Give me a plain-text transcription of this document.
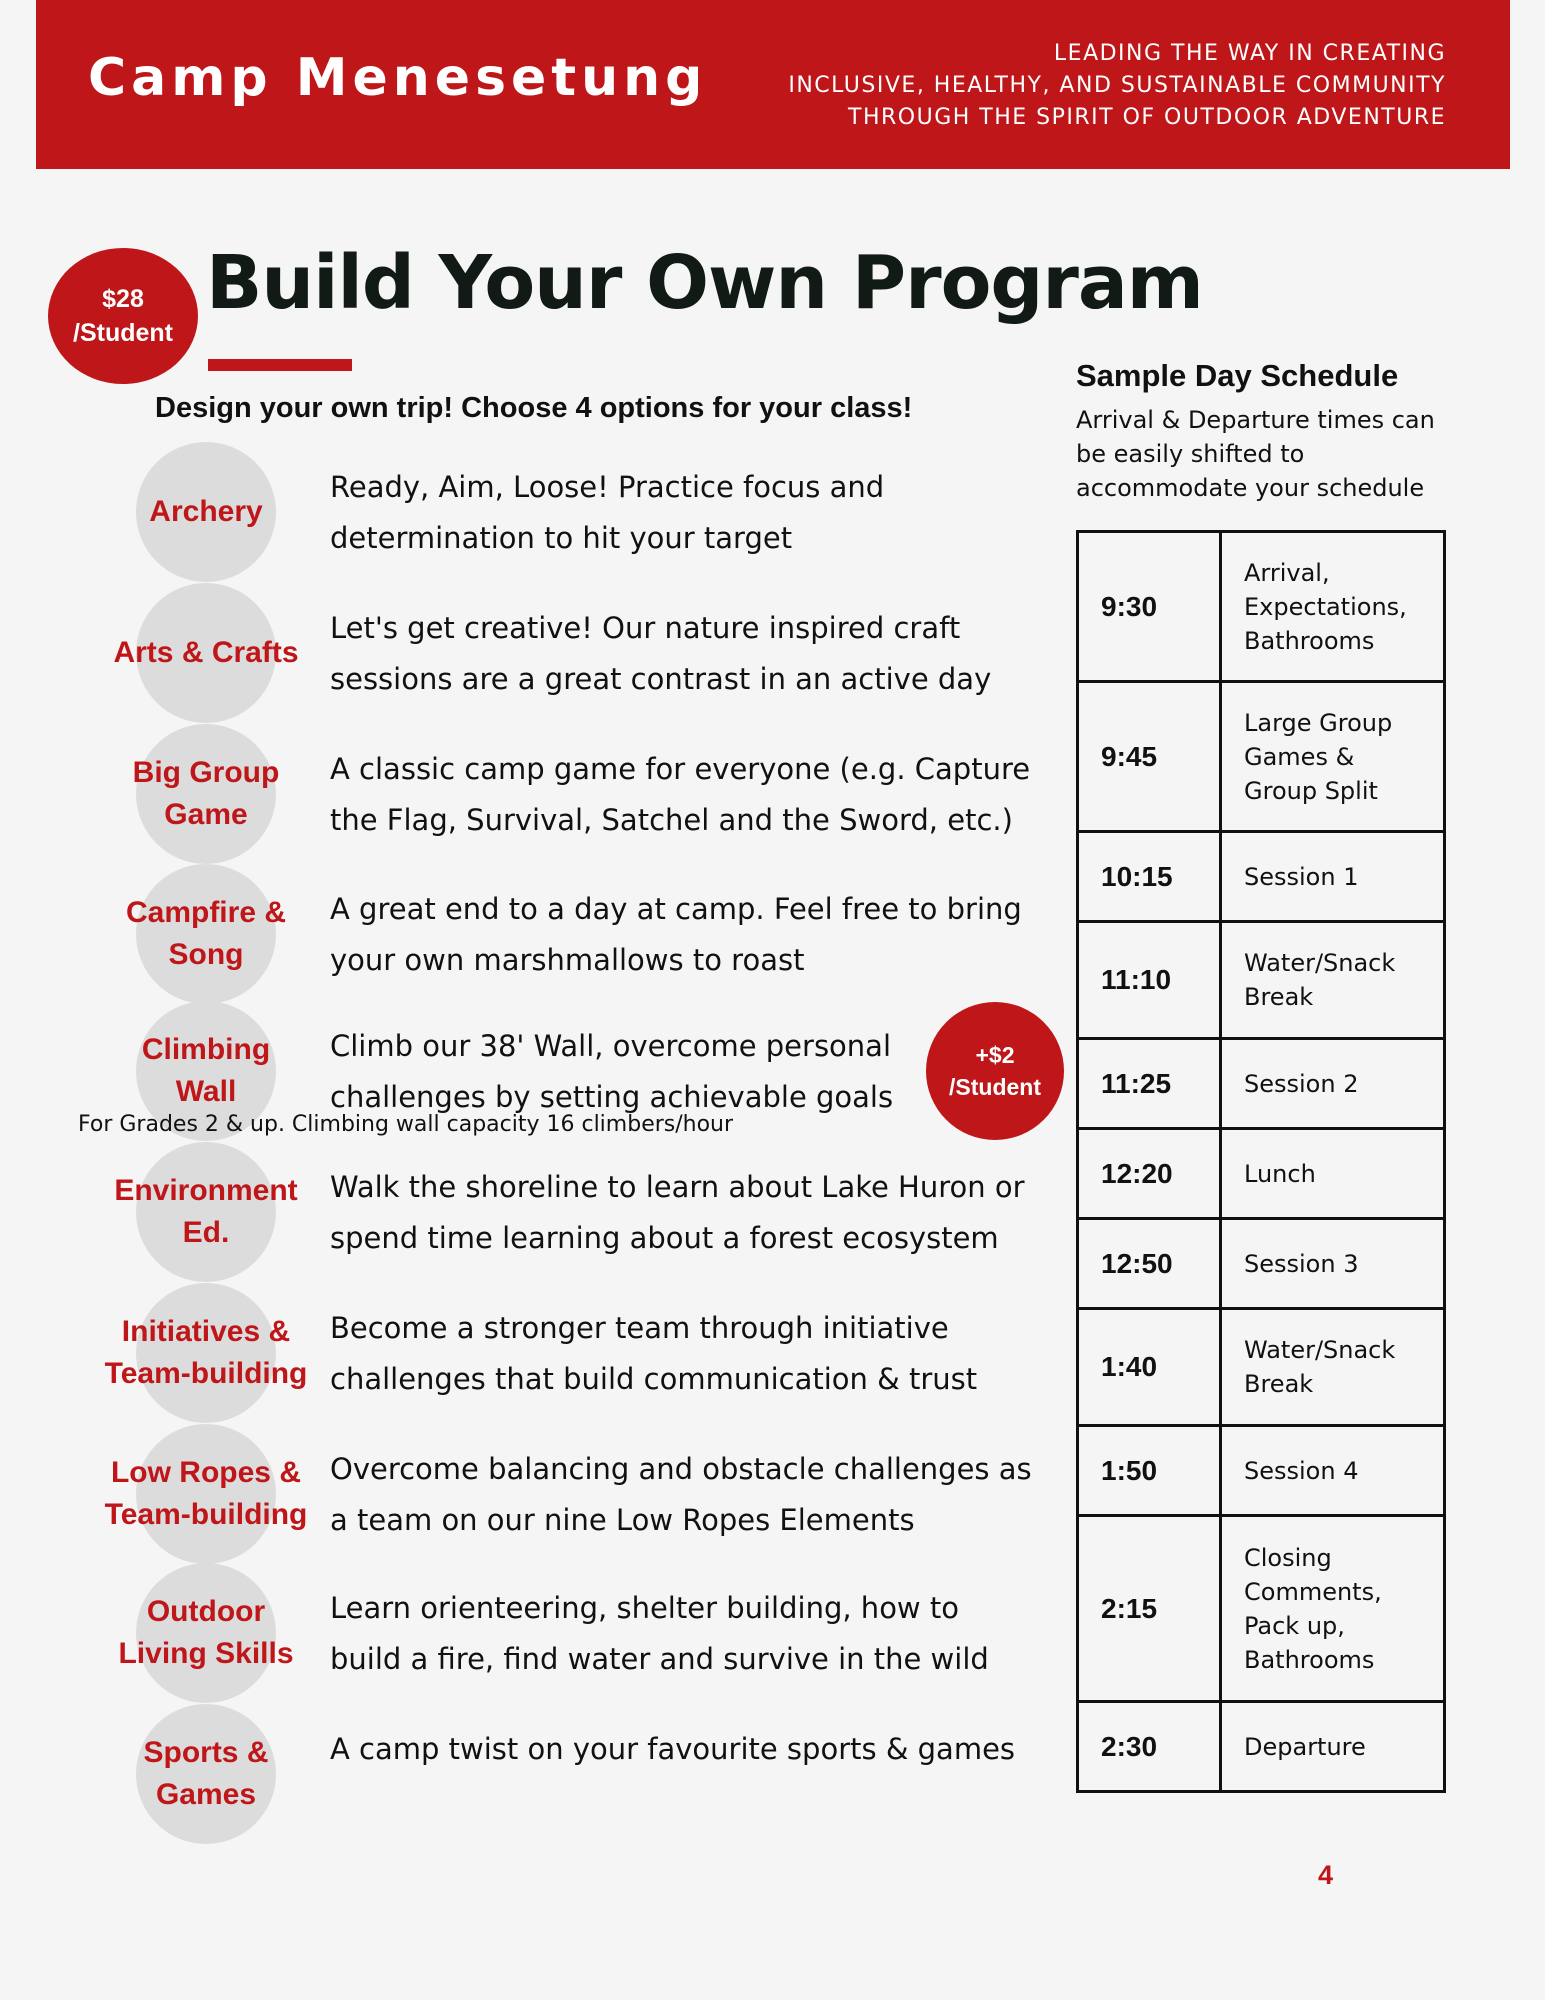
Camp Menesetung	LEADING THE WAY IN CREATING
INCLUSIVE, HEALTHY, AND SUSTAINABLE COMMUNITY
THROUGH THE SPIRIT OF OUTDOOR ADVENTURE
$28
/Student
Build Your Own Program
Design your own trip! Choose 4 options for your class!
Archery
Ready, Aim, Loose! Practice focus and
determination to hit your target
Arts & Crafts
Let's get creative! Our nature inspired craft
sessions are a great contrast in an active day
Big Group
Game
A classic camp game for everyone (e.g. Capture
the Flag, Survival, Satchel and the Sword, etc.)
Campfire &
Song
A great end to a day at camp. Feel free to bring
your own marshmallows to roast
Climbing
Wall
Climb our 38' Wall, overcome personal
challenges by setting achievable goals
Environment
Ed.
Walk the shoreline to learn about Lake Huron or
spend time learning about a forest ecosystem
Initiatives &
Team-building
Become a stronger team through initiative
challenges that build communication & trust
Low Ropes &
Team-building
Overcome balancing and obstacle challenges as
a team on our nine Low Ropes Elements
Outdoor
Living Skills
Learn orienteering, shelter building, how to
build a fire, find water and survive in the wild
Sports &
Games
A camp twist on your favourite sports & games
For Grades 2 & up. Climbing wall capacity 16 climbers/hour
+$2
/Student
Sample Day Schedule
Arrival & Departure times can be easily shifted to accommodate your schedule
9:30	Arrival,
Expectations,
Bathrooms

9:45	Large Group
Games &
Group Split

10:15	Session 1

11:10	Water/Snack
Break

11:25	Session 2

12:20	Lunch

12:50	Session 3

1:40	Water/Snack
Break

1:50	Session 4

2:15	Closing
Comments,
Pack up,
Bathrooms

2:30	Departure
4
